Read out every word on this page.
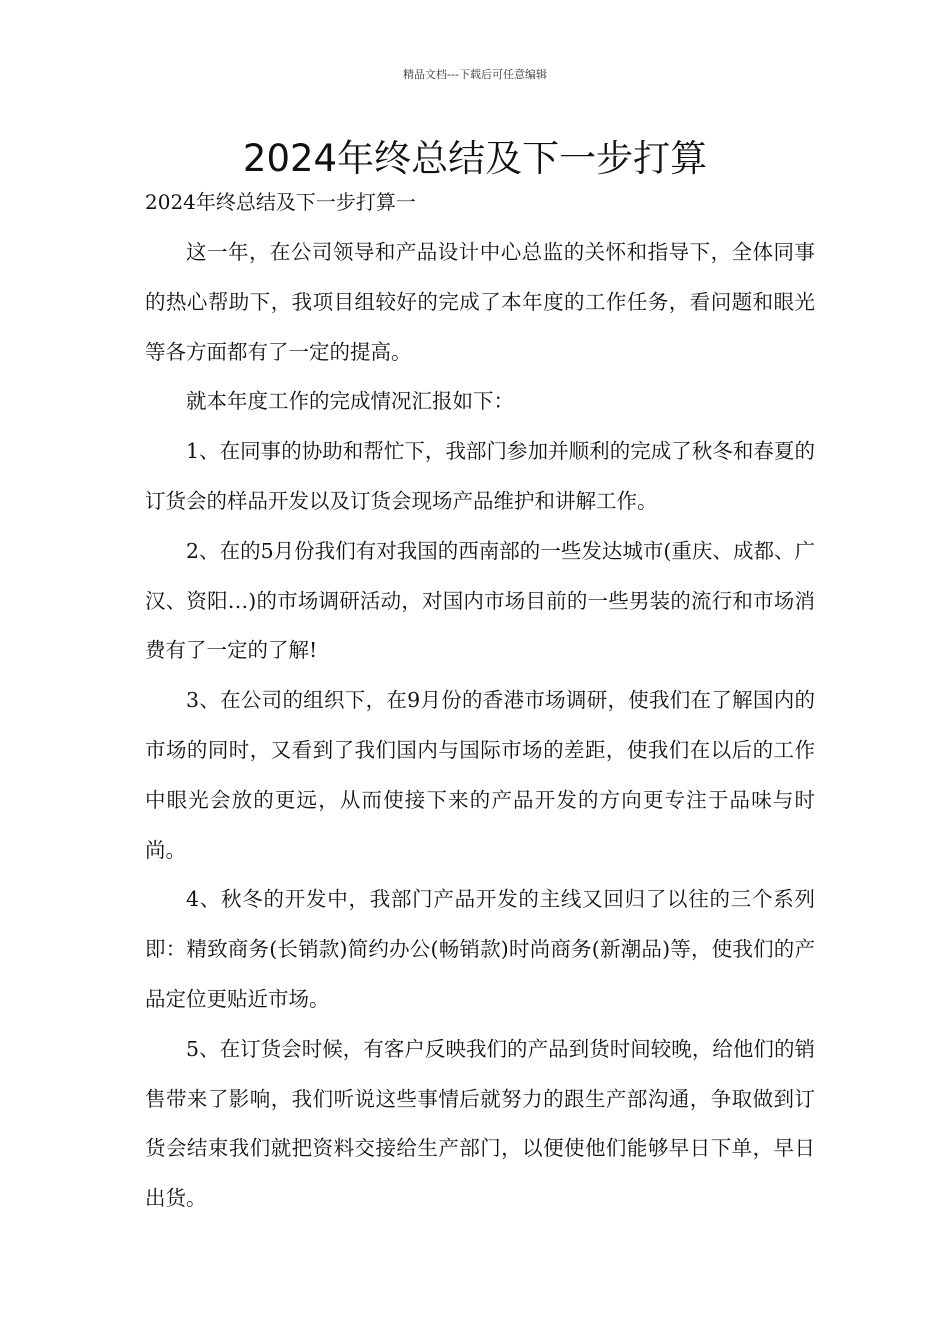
精品文档---下载后可任意编辑
2024年终总结及下一步打算
2024年终总结及下一步打算一

这一年，在公司领导和产品设计中心总监的关怀和指导下，全体同事的热心帮助下，我项目组较好的完成了本年度的工作任务，看问题和眼光等各方面都有了一定的提高。

就本年度工作的完成情况汇报如下：

1、在同事的协助和帮忙下，我部门参加并顺利的完成了秋冬和春夏的订货会的样品开发以及订货会现场产品维护和讲解工作。

2、在的5月份我们有对我国的西南部的一些发达城市(重庆、成都、广汉、资阳…)的市场调研活动，对国内市场目前的一些男装的流行和市场消费有了一定的了解!

3、在公司的组织下，在9月份的香港市场调研，使我们在了解国内的市场的同时，又看到了我们国内与国际市场的差距，使我们在以后的工作中眼光会放的更远，从而使接下来的产品开发的方向更专注于品味与时尚。

4、秋冬的开发中，我部门产品开发的主线又回归了以往的三个系列即：精致商务(长销款)简约办公(畅销款)时尚商务(新潮品)等，使我们的产品定位更贴近市场。

5、在订货会时候，有客户反映我们的产品到货时间较晚，给他们的销售带来了影响，我们听说这些事情后就努力的跟生产部沟通，争取做到订货会结束我们就把资料交接给生产部门，以便使他们能够早日下单，早日出货。
